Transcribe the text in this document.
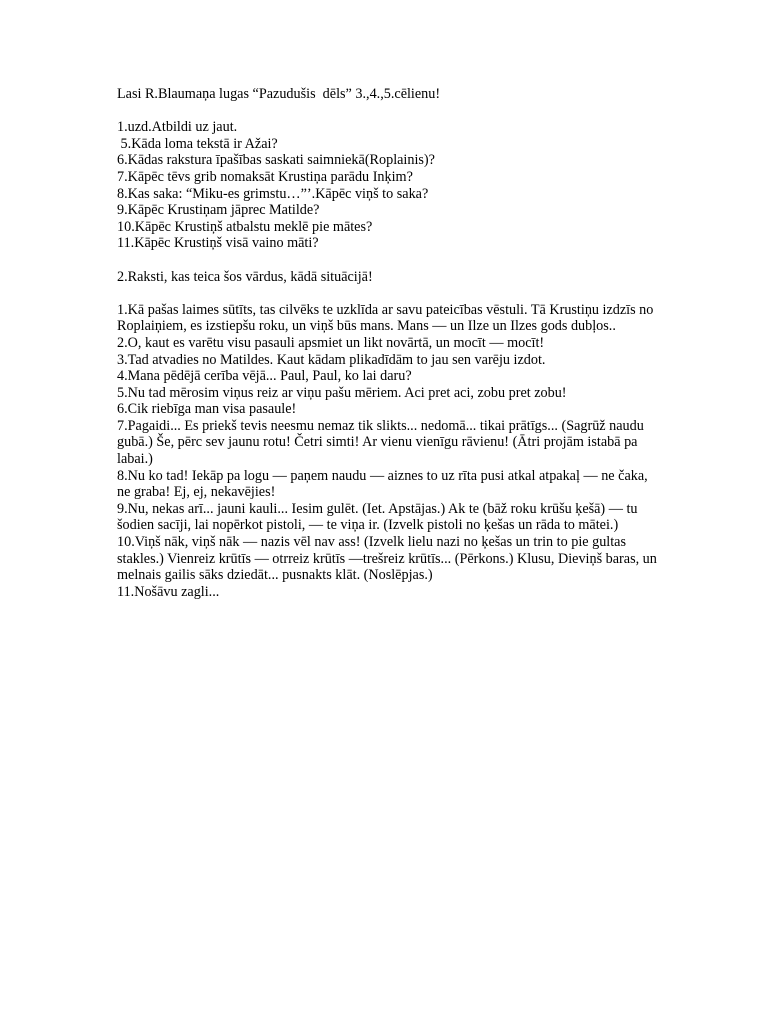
Lasi R.Blaumaņa lugas “Pazudušis  dēls” 3.,4.,5.cēlienu!

1.uzd.Atbildi uz jaut.

5.Kāda loma tekstā ir Ažai?

6.Kādas rakstura īpašības saskati saimniekā(Roplainis)?

7.Kāpēc tēvs grib nomaksāt Krustiņa parādu Inķim?

8.Kas saka: “Miku-es grimstu…”’.Kāpēc viņš to saka?

9.Kāpēc Krustiņam jāprec Matilde?

10.Kāpēc Krustiņš atbalstu meklē pie mātes?

11.Kāpēc Krustiņš visā vaino māti?

2.Raksti, kas teica šos vārdus, kādā situācijā!

1.Kā pašas laimes sūtīts, tas cilvēks te uzklīda ar savu pateicības vēstuli. Tā Krustiņu izdzīs no Roplaiņiem, es izstiepšu roku, un viņš būs mans. Mans — un Ilze un Ilzes gods dubļos..

2.O, kaut es varētu visu pasauli apsmiet un likt novārtā, un mocīt — mocīt!

3.Tad atvadies no Matildes. Kaut kādam plikadīdām to jau sen varēju izdot.

4.Mana pēdējā cerība vējā... Paul, Paul, ko lai daru?

5.Nu tad mērosim viņus reiz ar viņu pašu mēriem. Aci pret aci, zobu pret zobu!

6.Cik riebīga man visa pasaule!

7.Pagaidi... Es priekš tevis neesmu nemaz tik slikts... nedomā... tikai prātīgs... (Sagrūž naudu gubā.) Še, pērc sev jaunu rotu! Četri simti! Ar vienu vienīgu rāvienu! (Ātri projām istabā pa labai.)

8.Nu ko tad! Iekāp pa logu — paņem naudu — aiznes to uz rīta pusi atkal atpakaļ — ne čaka, ne graba! Ej, ej, nekavējies!

9.Nu, nekas arī... jauni kauli... Iesim gulēt. (Iet. Apstājas.) Ak te (bāž roku krūšu ķešā) — tu šodien sacīji, lai nopērkot pistoli, — te viņa ir. (Izvelk pistoli no ķešas un rāda to mātei.)

10.Viņš nāk, viņš nāk — nazis vēl nav ass! (Izvelk lielu nazi no ķešas un trin to pie gultas stakles.) Vienreiz krūtīs — otrreiz krūtīs —trešreiz krūtīs... (Pērkons.) Klusu, Dieviņš baras, un melnais gailis sāks dziedāt... pusnakts klāt. (Noslēpjas.)

11.Nošāvu zagli...
